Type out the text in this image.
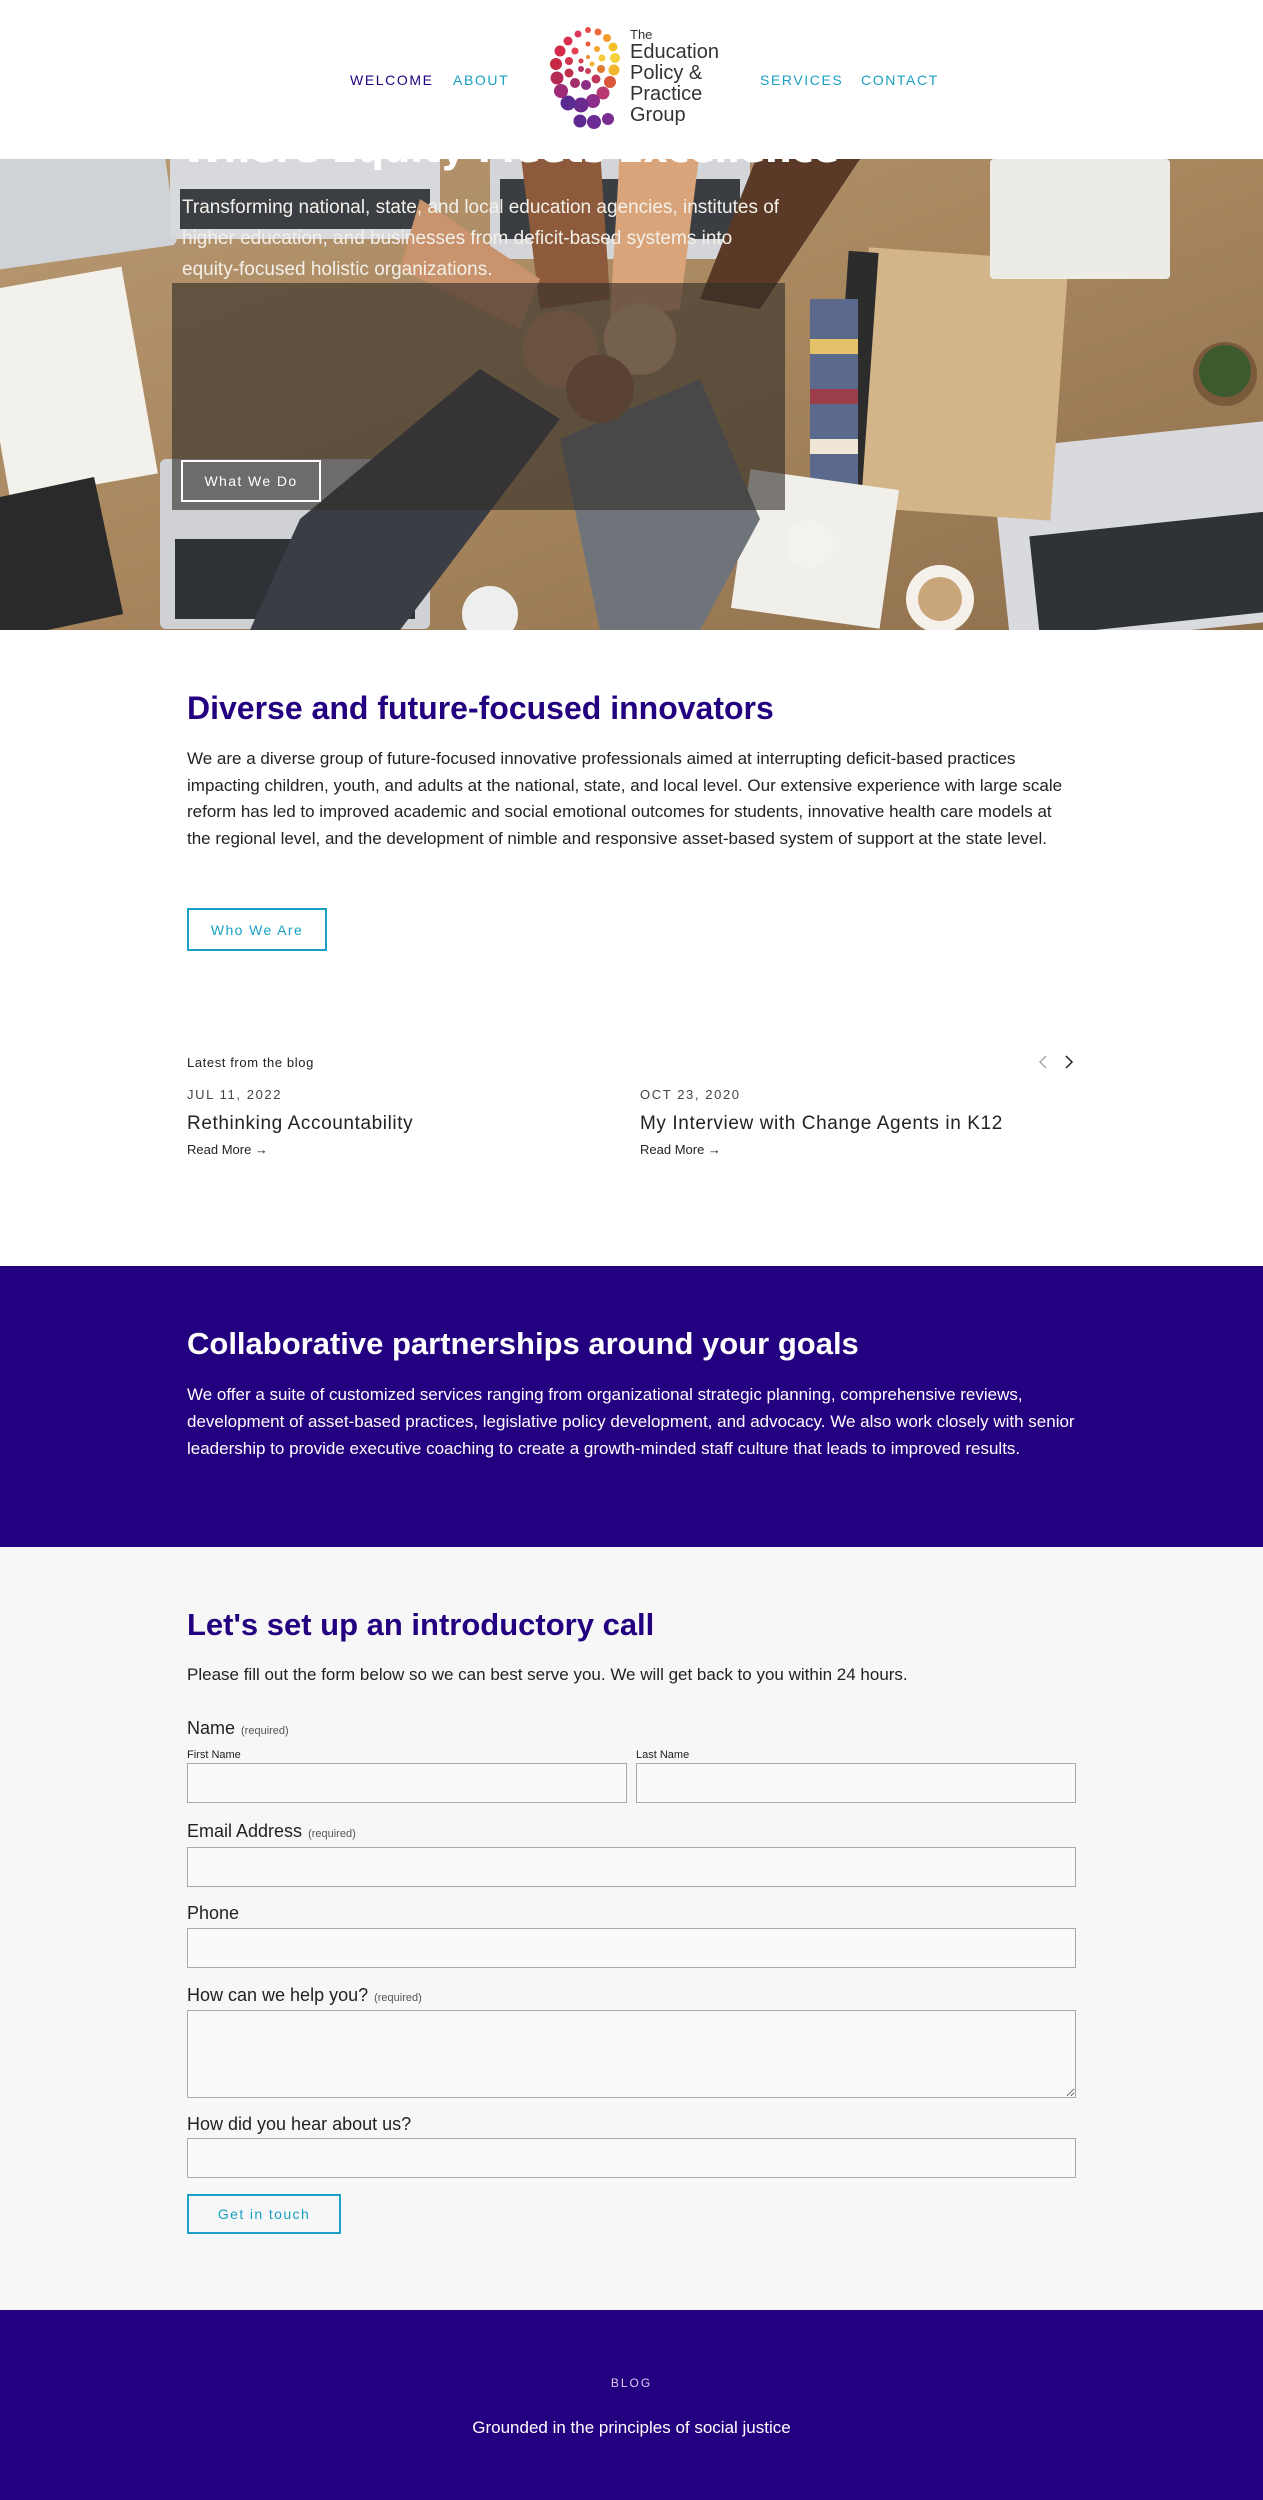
WELCOME ABOUT
The
Education
Policy &
Practice
Group
SERVICES CONTACT
Where Equity Meets Excellence

Transforming national, state, and local education agencies, institutes of higher education, and businesses from deficit-based systems into equity-focused holistic organizations.

What We Do
Diverse and future-focused innovators

We are a diverse group of future-focused innovative professionals aimed at interrupting deficit-based practices impacting children, youth, and adults at the national, state, and local level. Our extensive experience with large scale reform has led to improved academic and social emotional outcomes for students, innovative health care models at the regional level, and the development of nimble and responsive asset-based system of support at the state level.

Who We Are
Latest from the blog

JUL 11, 2022

Rethinking Accountability
Read More →

OCT 23, 2020

My Interview with Change Agents in K12
Read More →
Collaborative partnerships around your goals

We offer a suite of customized services ranging from organizational strategic planning, comprehensive reviews, development of asset-based practices, legislative policy development, and advocacy. We also work closely with senior leadership to provide executive coaching to create a growth-minded staff culture that leads to improved results.

Let's set up an introductory call

Please fill out the form below so we can best serve you. We will get back to you within 24 hours.

Name (required)
First Name	Last Name
Email Address (required)
Phone
How can we help you? (required)
How did you hear about us?
Get in touch
BLOG

Grounded in the principles of social justice
